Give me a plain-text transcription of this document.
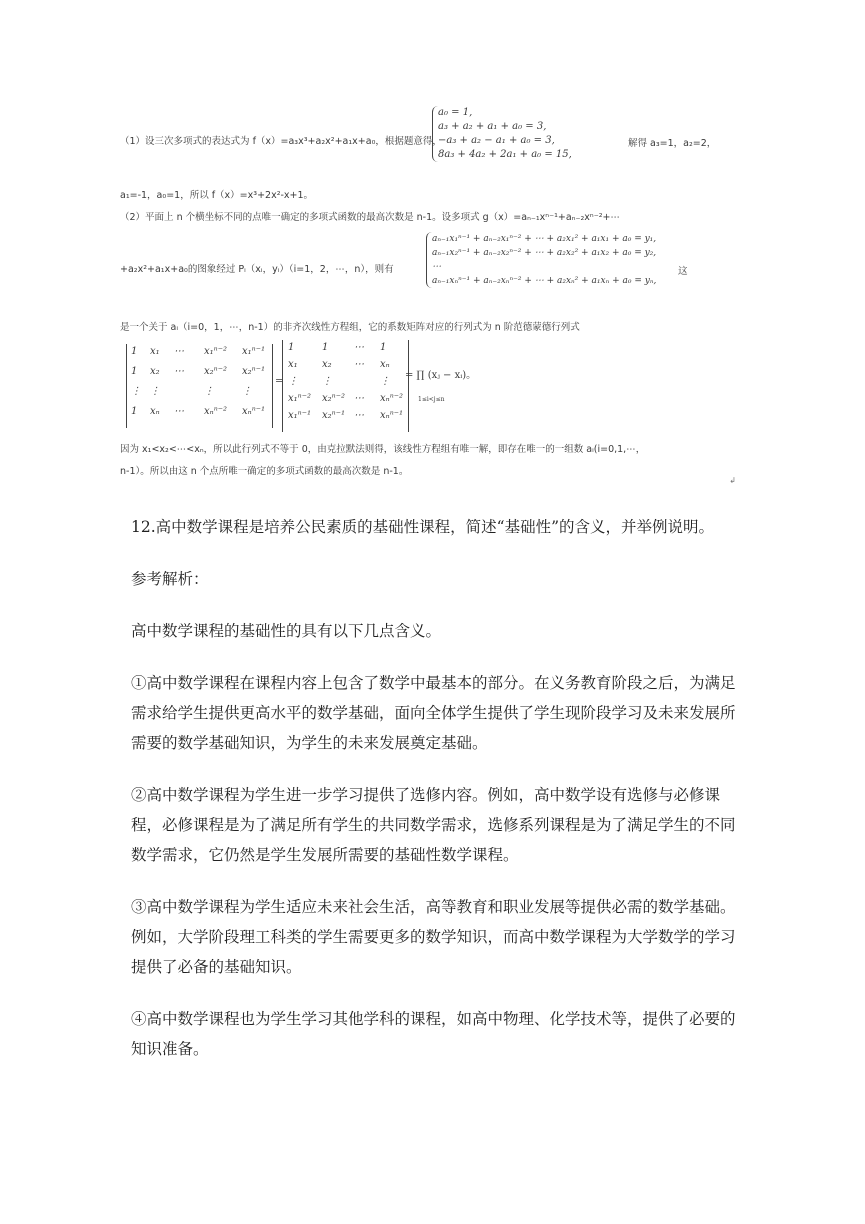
（1）设三次多项式的表达式为 f（x）=a₃x³+a₂x²+a₁x+a₀，根据题意得，
a₀ = 1,
a₃ + a₂ + a₁ + a₀ = 3,
−a₃ + a₂ − a₁ + a₀ = 3,
8a₃ + 4a₂ + 2a₁ + a₀ = 15,
解得 a₃=1，a₂=2，
a₁=-1，a₀=1，所以 f（x）=x³+2x²-x+1。
（2）平面上 n 个横坐标不同的点唯一确定的多项式函数的最高次数是 n-1。设多项式 g（x）=aₙ₋₁xⁿ⁻¹+aₙ₋₂xⁿ⁻²+⋯
+a₂x²+a₁x+a₀的图象经过 Pᵢ（xᵢ，yᵢ）（i=1，2，⋯，n），则有
aₙ₋₁x₁ⁿ⁻¹ + aₙ₋₂x₁ⁿ⁻² + ⋯ + a₂x₁² + a₁x₁ + a₀ = y₁,
aₙ₋₁x₂ⁿ⁻¹ + aₙ₋₂x₂ⁿ⁻² + ⋯ + a₂x₂² + a₁x₂ + a₀ = y₂,
⋯
aₙ₋₁xₙⁿ⁻¹ + aₙ₋₂xₙⁿ⁻² + ⋯ + a₂xₙ² + a₁xₙ + a₀ = yₙ,
这
是一个关于 aᵢ（i=0，1，⋯，n-1）的非齐次线性方程组，它的系数矩阵对应的行列式为 n 阶范德蒙德行列式
1 x₁ ⋯ x₁ⁿ⁻² x₁ⁿ⁻¹
1 x₂ ⋯ x₂ⁿ⁻² x₂ⁿ⁻¹
⋮ ⋮	⋮	⋮
1 xₙ ⋯ xₙⁿ⁻² xₙⁿ⁻¹
1	1	⋯ 1
x₁ x₂ ⋯ xₙ
⋮ ⋮	⋮
x₁ⁿ⁻² x₂ⁿ⁻² ⋯ xₙⁿ⁻²
x₁ⁿ⁻¹ x₂ⁿ⁻¹ ⋯ xₙⁿ⁻¹
=
= ∏ (xⱼ − xᵢ)。
1≤i<j≤n
因为 x₁<x₂<⋯<xₙ，所以此行列式不等于 0，由克拉默法则得，该线性方程组有唯一解，即存在唯一的一组数 aᵢ(i=0,1,⋯，
n-1）。所以由这 n 个点所唯一确定的多项式函数的最高次数是 n-1。
↲

12.高中数学课程是培养公民素质的基础性课程，简述“基础性”的含义，并举例说明。

参考解析：

高中数学课程的基础性的具有以下几点含义。

①高中数学课程在课程内容上包含了数学中最基本的部分。在义务教育阶段之后，为满足需求给学生提供更高水平的数学基础，面向全体学生提供了学生现阶段学习及未来发展所需要的数学基础知识，为学生的未来发展奠定基础。

②高中数学课程为学生进一步学习提供了选修内容。例如，高中数学设有选修与必修课程，必修课程是为了满足所有学生的共同数学需求，选修系列课程是为了满足学生的不同数学需求，它仍然是学生发展所需要的基础性数学课程。

③高中数学课程为学生适应未来社会生活，高等教育和职业发展等提供必需的数学基础。例如，大学阶段理工科类的学生需要更多的数学知识，而高中数学课程为大学数学的学习提供了必备的基础知识。

④高中数学课程也为学生学习其他学科的课程，如高中物理、化学技术等，提供了必要的知识准备。
